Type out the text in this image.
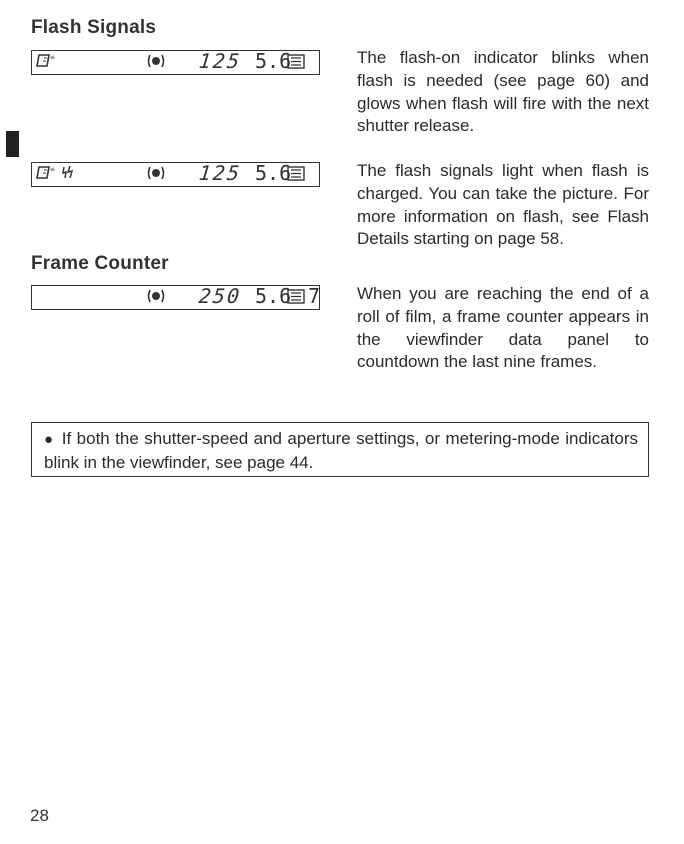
Flash Signals
≡	125 5.6	The flash-on indicator blinks when flash is needed (see page 60) and glows when flash will fire with the next shutter release.
≡	125 5.6	The flash signals light when flash is charged. You can take the picture. For more information on flash, see Flash Details starting on page 58.
Frame Counter
250 5.6 7 When you are reaching the end of a roll of film, a frame counter appears in the viewfinder data panel to countdown the last nine frames.
● If both the shutter-speed and aperture settings, or metering-mode indicators blink in the viewfinder, see page 44.
28
